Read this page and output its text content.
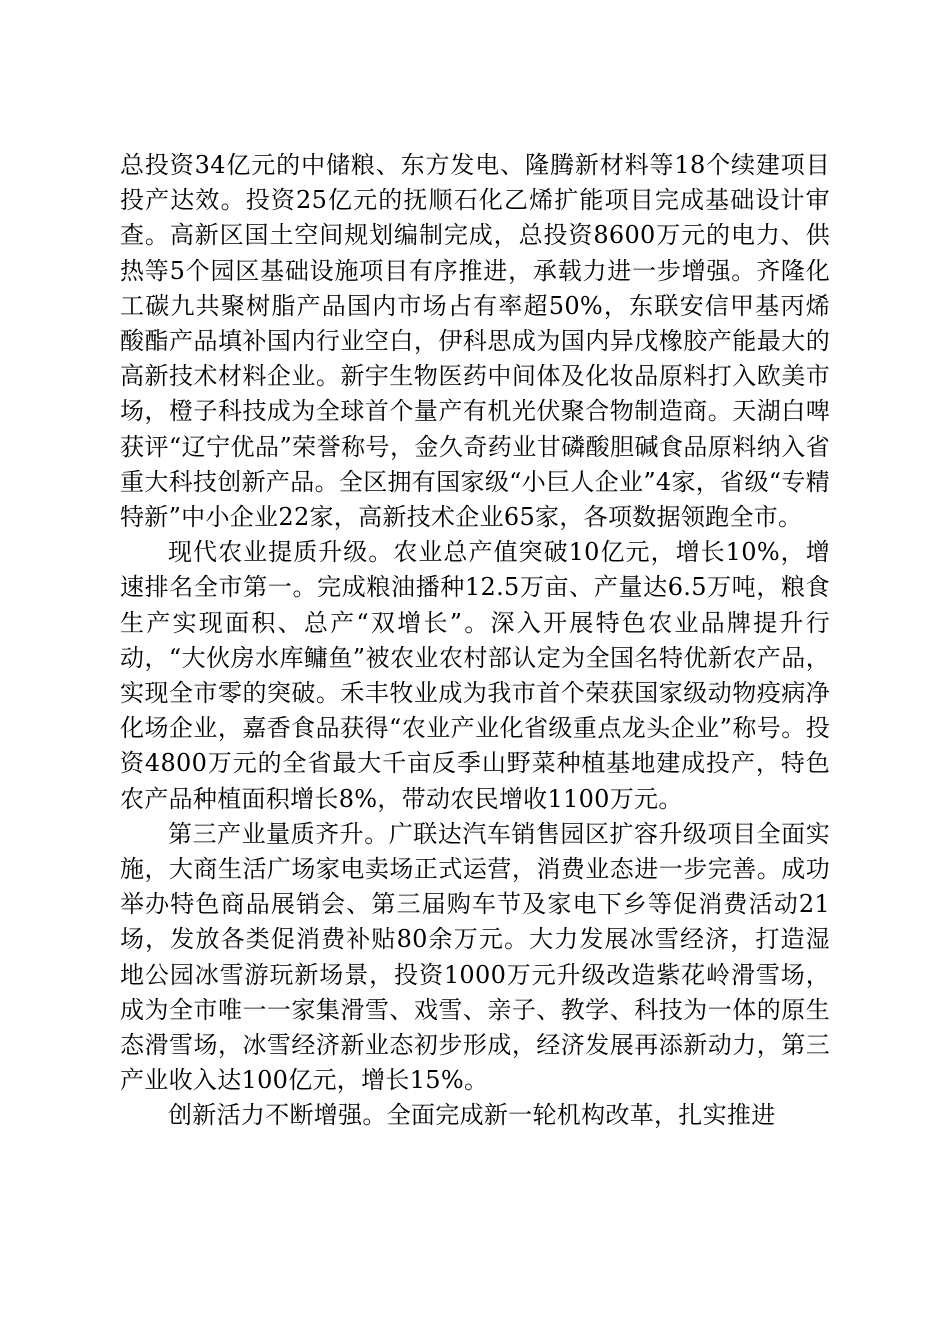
总投资34亿元的中储粮、东方发电、隆腾新材料等18个续建项目投产达效。投资25亿元的抚顺石化乙烯扩能项目完成基础设计审查。高新区国土空间规划编制完成，总投资8600万元的电力、供热等5个园区基础设施项目有序推进，承载力进一步增强。齐隆化工碳九共聚树脂产品国内市场占有率超50%，东联安信甲基丙烯酸酯产品填补国内行业空白，伊科思成为国内异戊橡胶产能最大的高新技术材料企业。新宇生物医药中间体及化妆品原料打入欧美市场，橙子科技成为全球首个量产有机光伏聚合物制造商。天湖白啤获评“辽宁优品”荣誉称号，金久奇药业甘磷酸胆碱食品原料纳入省重大科技创新产品。全区拥有国家级“小巨人企业”4家，省级“专精特新”中小企业22家，高新技术企业65家，各项数据领跑全市。

现代农业提质升级。农业总产值突破10亿元，增长10%，增速排名全市第一。完成粮油播种12.5万亩、产量达6.5万吨，粮食生产实现面积、总产“双增长”。深入开展特色农业品牌提升行动，“大伙房水库鳙鱼”被农业农村部认定为全国名特优新农产品，实现全市零的突破。禾丰牧业成为我市首个荣获国家级动物疫病净化场企业，嘉香食品获得“农业产业化省级重点龙头企业”称号。投资4800万元的全省最大千亩反季山野菜种植基地建成投产，特色农产品种植面积增长8%，带动农民增收1100万元。

第三产业量质齐升。广联达汽车销售园区扩容升级项目全面实施，大商生活广场家电卖场正式运营，消费业态进一步完善。成功举办特色商品展销会、第三届购车节及家电下乡等促消费活动21场，发放各类促消费补贴80余万元。大力发展冰雪经济，打造湿地公园冰雪游玩新场景，投资1000万元升级改造紫花岭滑雪场，成为全市唯一一家集滑雪、戏雪、亲子、教学、科技为一体的原生态滑雪场，冰雪经济新业态初步形成，经济发展再添新动力，第三产业收入达100亿元，增长15%。

创新活力不断增强。全面完成新一轮机构改革，扎实推进
